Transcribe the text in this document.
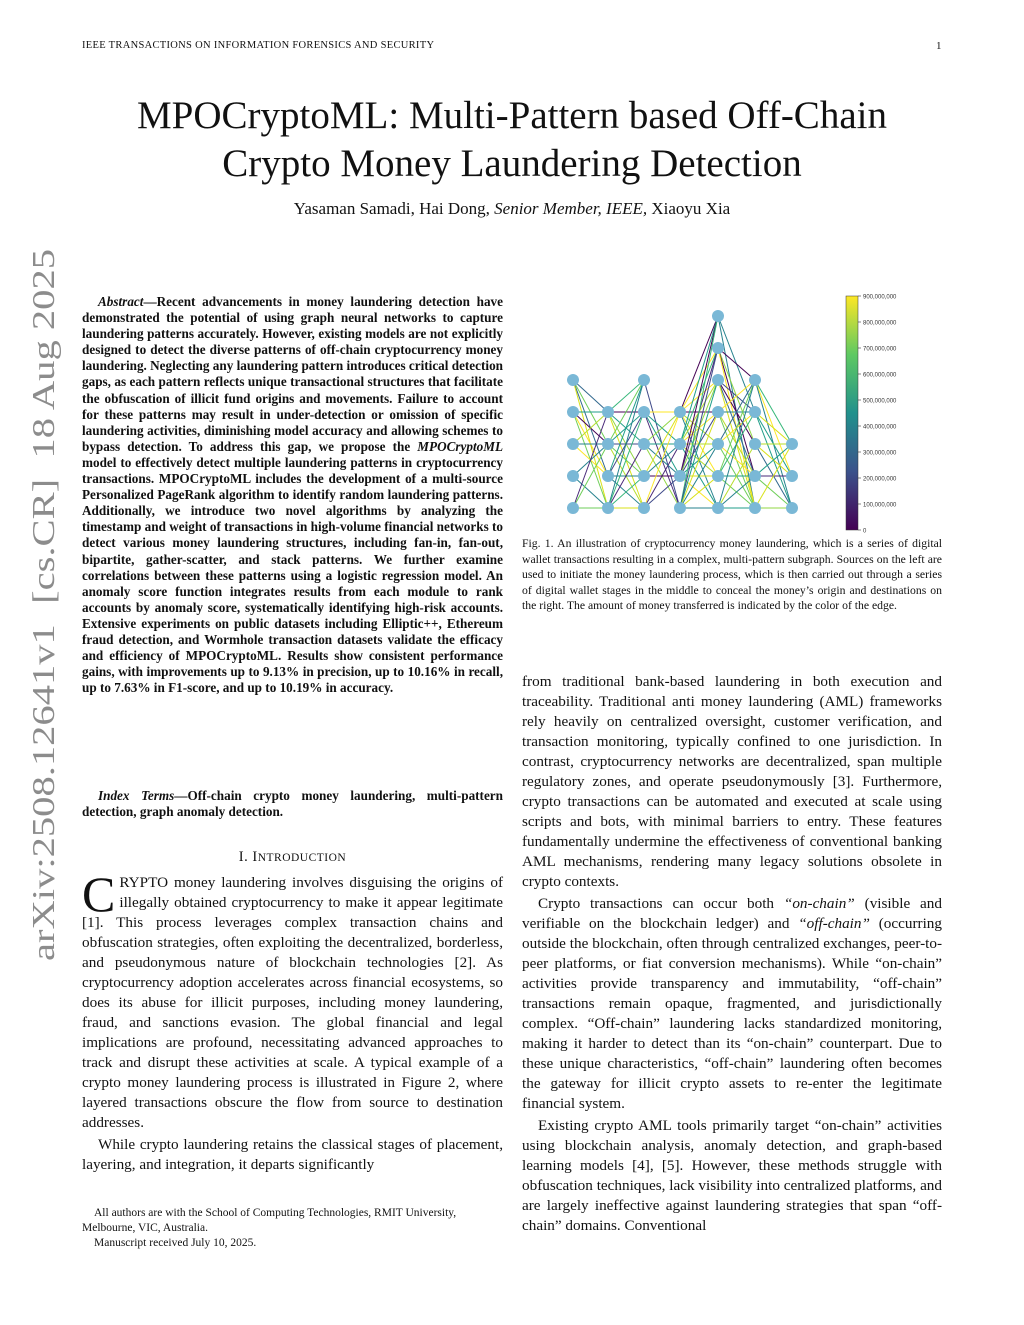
IEEE TRANSACTIONS ON INFORMATION FORENSICS AND SECURITY	1
MPOCryptoML: Multi-Pattern based Off-Chain
Crypto Money Laundering Detection
Yasaman Samadi, Hai Dong, Senior Member, IEEE, Xiaoyu Xia
arXiv:2508.12641v1  [cs.CR]  18 Aug 2025
Abstract—Recent advancements in money laundering detection have demonstrated the potential of using graph neural networks to capture laundering patterns accurately. However, existing models are not explicitly designed to detect the diverse patterns of off-chain cryptocurrency money laundering. Neglecting any laundering pattern introduces critical detection gaps, as each pattern reflects unique transactional structures that facilitate the obfuscation of illicit fund origins and movements. Failure to account for these patterns may result in under-detection or omission of specific laundering activities, diminishing model accuracy and allowing schemes to bypass detection. To address this gap, we propose the MPOCryptoML model to effectively detect multiple laundering patterns in cryptocurrency transactions. MPOCryptoML includes the development of a multi-source Personalized PageRank algorithm to identify random laundering patterns. Additionally, we introduce two novel algorithms by analyzing the timestamp and weight of transactions in high-volume financial networks to detect various money laundering structures, including fan-in, fan-out, bipartite, gather-scatter, and stack patterns. We further examine correlations between these patterns using a logistic regression model. An anomaly score function integrates results from each module to rank accounts by anomaly score, systematically identifying high-risk accounts. Extensive experiments on public datasets including Elliptic++, Ethereum fraud detection, and Wormhole transaction datasets validate the efficacy and efficiency of MPOCryptoML. Results show consistent performance gains, with improvements up to 9.13% in precision, up to 10.16% in recall, up to 7.63% in F1-score, and up to 10.19% in accuracy.
Index Terms—Off-chain crypto money laundering, multi-pattern detection, graph anomaly detection.
I. INTRODUCTION

CRYPTO money laundering involves disguising the origins of illegally obtained cryptocurrency to make it appear legitimate [1]. This process leverages complex transaction chains and obfuscation strategies, often exploiting the decentralized, borderless, and pseudonymous nature of blockchain technologies [2]. As cryptocurrency adoption accelerates across financial ecosystems, so does its abuse for illicit purposes, including money laundering, fraud, and sanctions evasion. The global financial and legal implications are profound, necessitating advanced approaches to track and disrupt these activities at scale. A typical example of a crypto money laundering process is illustrated in Figure 2, where layered transactions obscure the flow from source to destination addresses.

While crypto laundering retains the classical stages of placement, layering, and integration, it departs significantly

All authors are with the School of Computing Technologies, RMIT University, Melbourne, VIC, Australia.

Manuscript received July 10, 2025.

900,000,000
800,000,000
700,000,000
600,000,000
500,000,000
400,000,000
300,000,000
200,000,000
100,000,000
0
Fig. 1. An illustration of cryptocurrency money laundering, which is a series of digital wallet transactions resulting in a complex, multi-pattern subgraph. Sources on the left are used to initiate the money laundering process, which is then carried out through a series of digital wallet stages in the middle to conceal the money’s origin and destinations on the right. The amount of money transferred is indicated by the color of the edge.

from traditional bank-based laundering in both execution and traceability. Traditional anti money laundering (AML) frameworks rely heavily on centralized oversight, customer verification, and transaction monitoring, typically confined to one jurisdiction. In contrast, cryptocurrency networks are decentralized, span multiple regulatory zones, and operate pseudonymously [3]. Furthermore, crypto transactions can be automated and executed at scale using scripts and bots, with minimal barriers to entry. These features fundamentally undermine the effectiveness of conventional banking AML mechanisms, rendering many legacy solutions obsolete in crypto contexts.

Crypto transactions can occur both “on-chain” (visible and verifiable on the blockchain ledger) and “off-chain” (occurring outside the blockchain, often through centralized exchanges, peer-to-peer platforms, or fiat conversion mechanisms). While “on-chain” activities provide transparency and immutability, “off-chain” transactions remain opaque, fragmented, and jurisdictionally complex. “Off-chain” laundering lacks standardized monitoring, making it harder to detect than its “on-chain” counterpart. Due to these unique characteristics, “off-chain” laundering often becomes the gateway for illicit crypto assets to re-enter the legitimate financial system.

Existing crypto AML tools primarily target “on-chain” activities using blockchain analysis, anomaly detection, and graph-based learning models [4], [5]. However, these methods struggle with obfuscation techniques, lack visibility into centralized platforms, and are largely ineffective against laundering strategies that span “off-chain” domains. Conventional
